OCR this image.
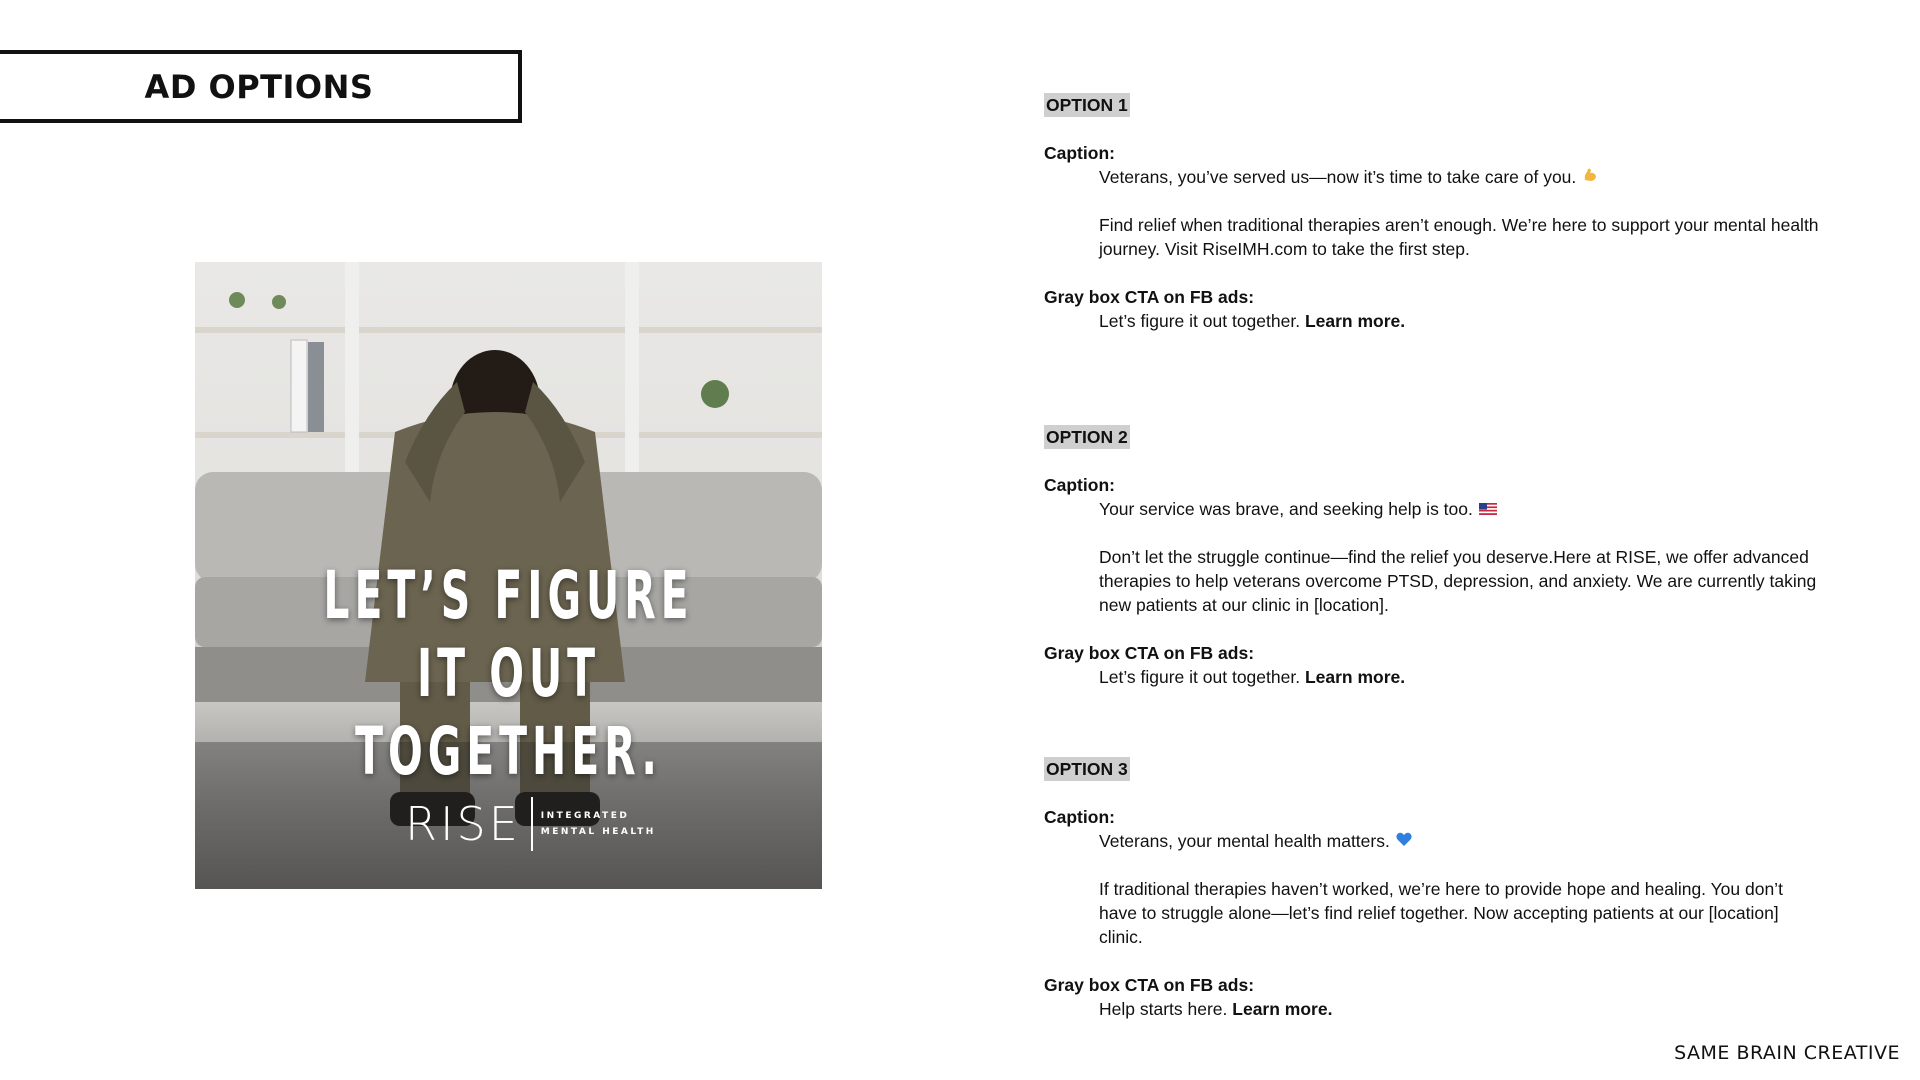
AD OPTIONS
LET’S FIGURE IT OUT
TOGETHER.
RISE INTEGRATED
MENTAL HEALTH
OPTION 1
Caption:
Veterans, you’ve served us—now it’s time to take care of you.
Find relief when traditional therapies aren’t enough. We’re here to support your mental health journey. Visit RiseIMH.com to take the first step.
Gray box CTA on FB ads:
Let’s figure it out together. Learn more.
OPTION 2
Caption:
Your service was brave, and seeking help is too.
Don’t let the struggle continue—find the relief you deserve.Here at RISE, we offer advanced therapies to help veterans overcome PTSD, depression, and anxiety. We are currently taking new patients at our clinic in [location].
Gray box CTA on FB ads:
Let’s figure it out together. Learn more.
OPTION 3
Caption:
Veterans, your mental health matters.
If traditional therapies haven’t worked, we’re here to provide hope and healing. You don’t have to struggle alone—let’s find relief together. Now accepting patients at our [location] clinic.
Gray box CTA on FB ads:
Help starts here. Learn more.
SAME BRAIN CREATIVE
